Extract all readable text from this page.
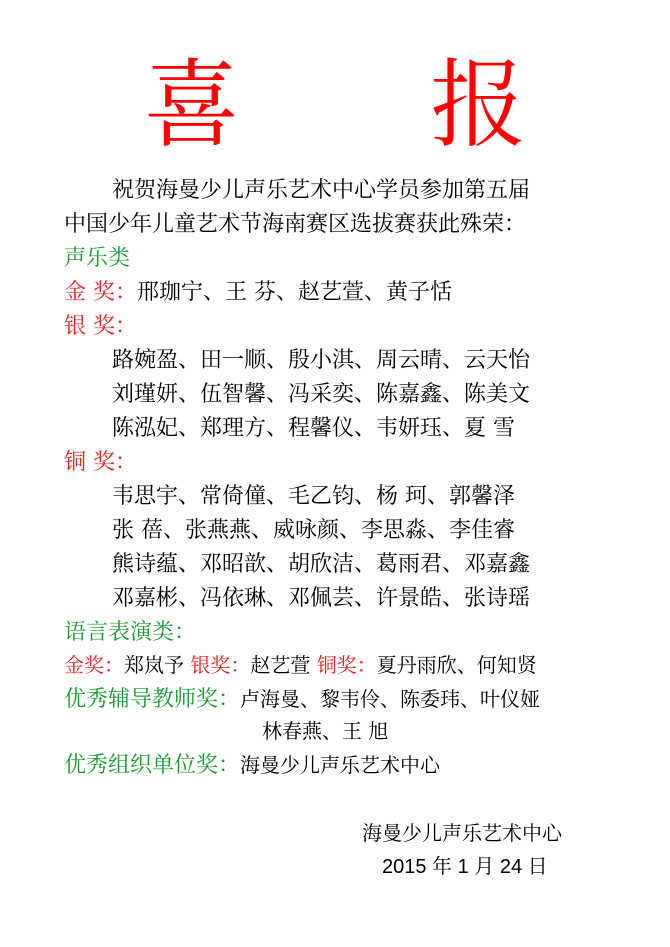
喜 报
祝贺海曼少儿声乐艺术中心学员参加第五届
中国少年儿童艺术节海南赛区选拔赛获此殊荣：
声乐类
金 奖：邢珈宁、王 芬、赵艺萱、黄子恬
银 奖：
路婉盈、田一顺、殷小淇、周云晴、云天怡
刘瑾妍、伍智馨、冯采奕、陈嘉鑫、陈美文
陈泓妃、郑理方、程馨仪、韦妍珏、夏 雪
铜 奖：
韦思宇、常倚僮、毛乙钧、杨 珂、郭馨泽
张 蓓、张燕燕、威咏颜、李思淼、李佳睿
熊诗蕴、邓昭歆、胡欣洁、葛雨君、邓嘉鑫
邓嘉彬、冯依琳、邓佩芸、许景皓、张诗瑶
语言表演类：
金奖：郑岚予 银奖：赵艺萱 铜奖：夏丹雨欣、何知贤
优秀辅导教师奖：卢海曼、黎韦伶、陈委玮、叶仪娅
林春燕、王 旭
优秀组织单位奖：海曼少儿声乐艺术中心
海曼少儿声乐艺术中心
2015 年 1 月 24 日
